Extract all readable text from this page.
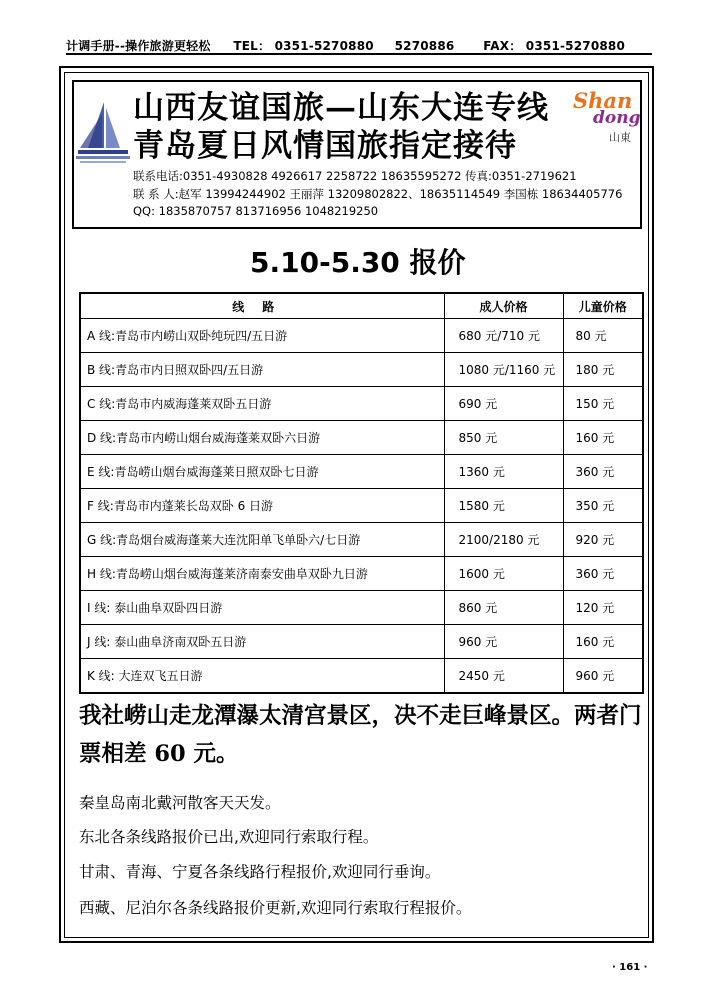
计调手册--操作旅游更轻松 TEL： 0351-5270880 5270886 FAX： 0351-5270880
山西友谊国旅—山东大连专线
青岛夏日风情国旅指定接待
Shan
dong
山東
联系电话:0351-4930828 4926617 2258722 18635595272 传真:0351-2719621
联 系 人:赵军 13994244902 王丽萍 13209802822、18635114549 李国栋 18634405776
QQ: 1835870757 813716956 1048219250
5.10-5.30 报价
线路	成人价格	儿童价格
A 线:青岛市内崂山双卧纯玩四/五日游	680 元/710 元	80 元
B 线:青岛市内日照双卧四/五日游	1080 元/1160 元	180 元
C 线:青岛市内威海蓬莱双卧五日游	690 元	150 元
D 线:青岛市内崂山烟台威海蓬莱双卧六日游	850 元	160 元
E 线:青岛崂山烟台威海蓬莱日照双卧七日游	1360 元	360 元
F 线:青岛市内蓬莱长岛双卧 6 日游	1580 元	350 元
G 线:青岛烟台威海蓬莱大连沈阳单飞单卧六/七日游	2100/2180 元	920 元
H 线:青岛崂山烟台威海蓬莱济南泰安曲阜双卧九日游	1600 元	360 元
I 线: 泰山曲阜双卧四日游	860 元	120 元
J 线: 泰山曲阜济南双卧五日游	960 元	160 元
K 线: 大连双飞五日游	2450 元	960 元
我社崂山走龙潭瀑太清宫景区，决不走巨峰景区。两者门票相差 60 元。
秦皇岛南北戴河散客天天发。
东北各条线路报价已出,欢迎同行索取行程。
甘肃、青海、宁夏各条线路行程报价,欢迎同行垂询。
西藏、尼泊尔各条线路报价更新,欢迎同行索取行程报价。
· 161 ·
